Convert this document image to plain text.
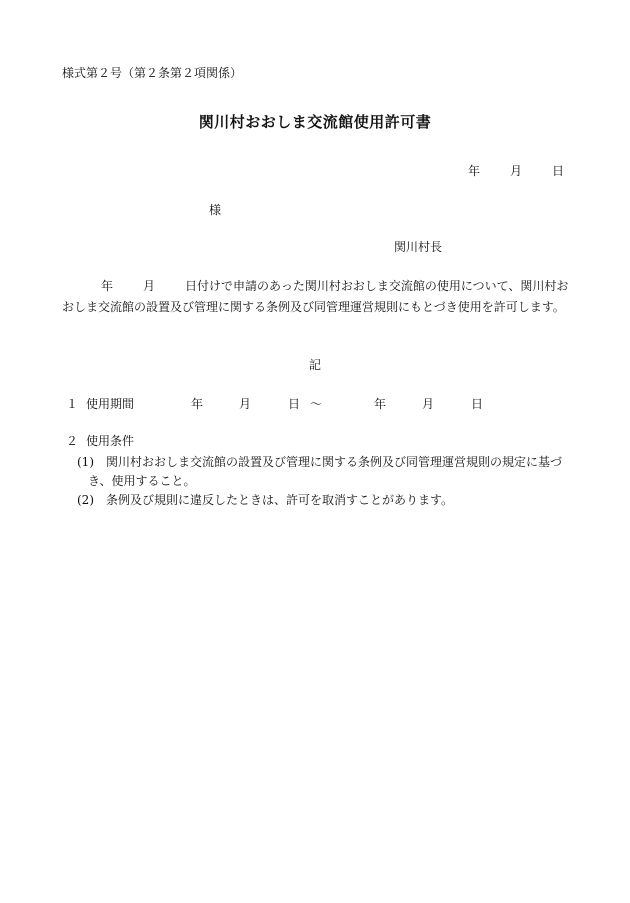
様式第２号（第２条第２項関係）
関川村おおしま交流館使用許可書
年	月	日
様
関川村長
年	月	日付けで申請のあった関川村おおしま交流館の使用について、関川村お
おしま交流館の設置及び管理に関する条例及び同管理運営規則にもとづき使用を許可します。
記
１ 使用期間	年	月	日 ～	年	月	日
２ 使用条件
(1)　関川村おおしま交流館の設置及び管理に関する条例及び同管理運営規則の規定に基づ
き、使用すること。
(2)　条例及び規則に違反したときは、許可を取消すことがあります。
